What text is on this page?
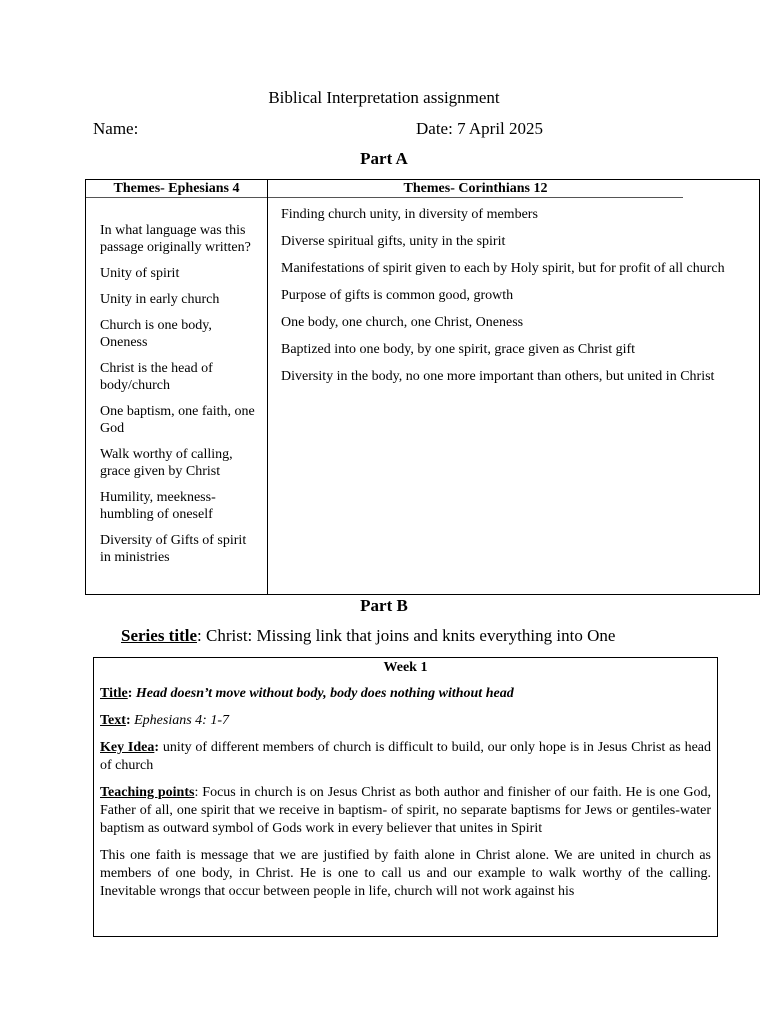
Biblical Interpretation assignment
Name:	Date: 7 April 2025
Part A
Themes- Ephesians 4	Themes- Corinthians 12

In what language was this passage originally written?

Unity of spirit

Unity in early church

Church is one body, Oneness

Christ is the head of body/church

One baptism, one faith, one God

Walk worthy of calling, grace given by Christ

Humility, meekness- humbling of oneself

Diversity of Gifts of spirit in ministries

Finding church unity, in diversity of members

Diverse spiritual gifts, unity in the spirit

Manifestations of spirit given to each by Holy spirit, but for profit of all church

Purpose of gifts is common good, growth

One body, one church, one Christ, Oneness

Baptized into one body, by one spirit, grace given as Christ gift

Diversity in the body, no one more important than others, but united in Christ

Part B
Series title: Christ: Missing link that joins and knits everything into One

Week 1

Title: Head doesn’t move without body, body does nothing without head

Text: Ephesians 4: 1-7

Key Idea: unity of different members of church is difficult to build, our only hope is in Jesus Christ as head of church

Teaching points: Focus in church is on Jesus Christ as both author and finisher of our faith. He is one God, Father of all, one spirit that we receive in baptism- of spirit, no separate baptisms for Jews or gentiles-water baptism as outward symbol of Gods work in every believer that unites in Spirit

This one faith is message that we are justified by faith alone in Christ alone. We are united in church as members of one body, in Christ. He is one to call us and our example to walk worthy of the calling. Inevitable wrongs that occur between people in life, church will not work against his
